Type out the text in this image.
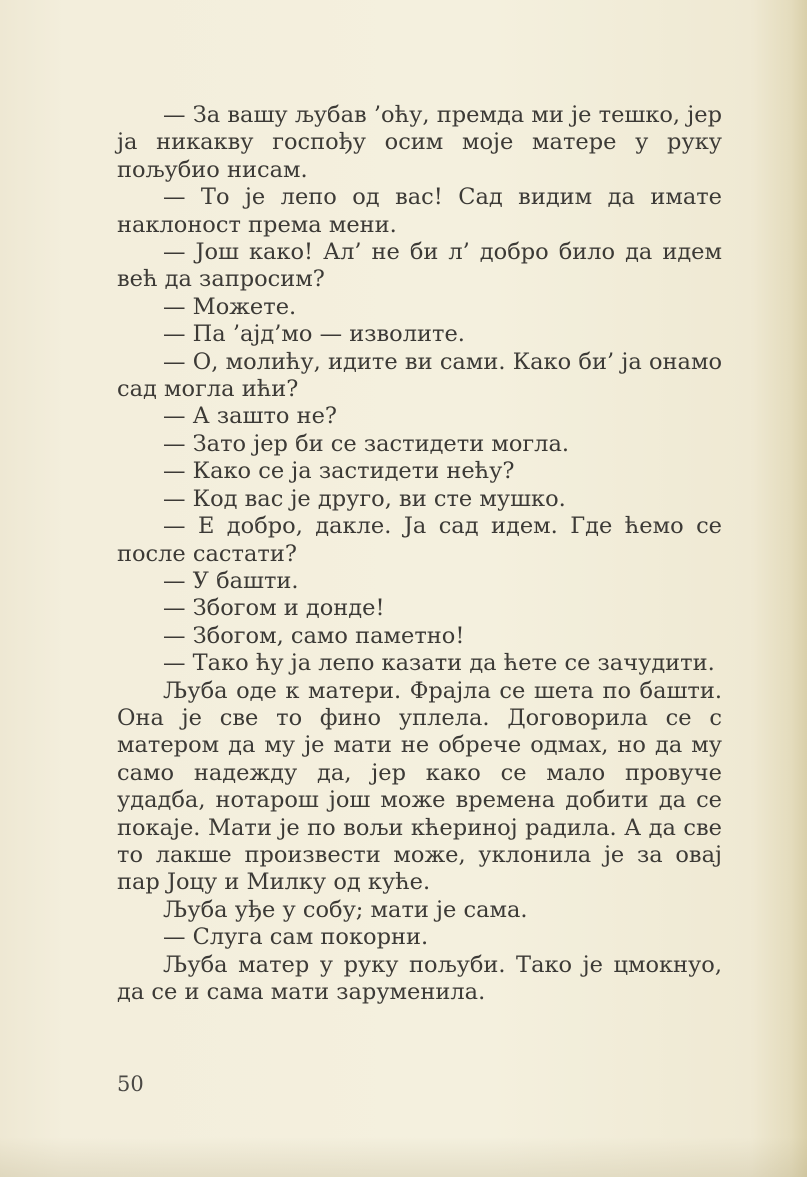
— За вашу љубав ’оћу, премда ми је тешко, јер ја никакву госпођу осим моје матере у руку пољубио нисам.

— То је лепо од вас! Сад видим да имате наклоност према мени.

— Још како! Ал’ не би л’ добро било да идем већ да запросим?

— Можете.

— Па ’ајд’мо — изволите.

— О, молићу, идите ви сами. Како би’ ја онамо сад могла ићи?

— А зашто не?

— Зато јер би се застидети могла.

— Како се ја застидети нећу?

— Код вас је друго, ви сте мушко.

— Е добро, дакле. Ја сад идем. Где ћемо се после састати?

— У башти.

— Збогом и донде!

— Збогом, само паметно!

— Тако ћу ја лепо казати да ћете се зачудити.

Љуба оде к матери. Фрајла се шета по башти. Она је све то фино уплела. Договорила се с матером да му је мати не обрече одмах, но да му само надежду да, јер како се мало провуче удадба, нотарош још може времена добити да се покаје. Мати је по вољи кћеринoj радила. А да све то лакше произвести може, уклонила је за овај пар Јоцу и Милку од куће.

Љуба уђе у собу; мати је сама.

— Слуга сам покорни.

Љуба матер у руку пољуби. Тако је цмокнуо, да се и сама мати заруменила.

50
